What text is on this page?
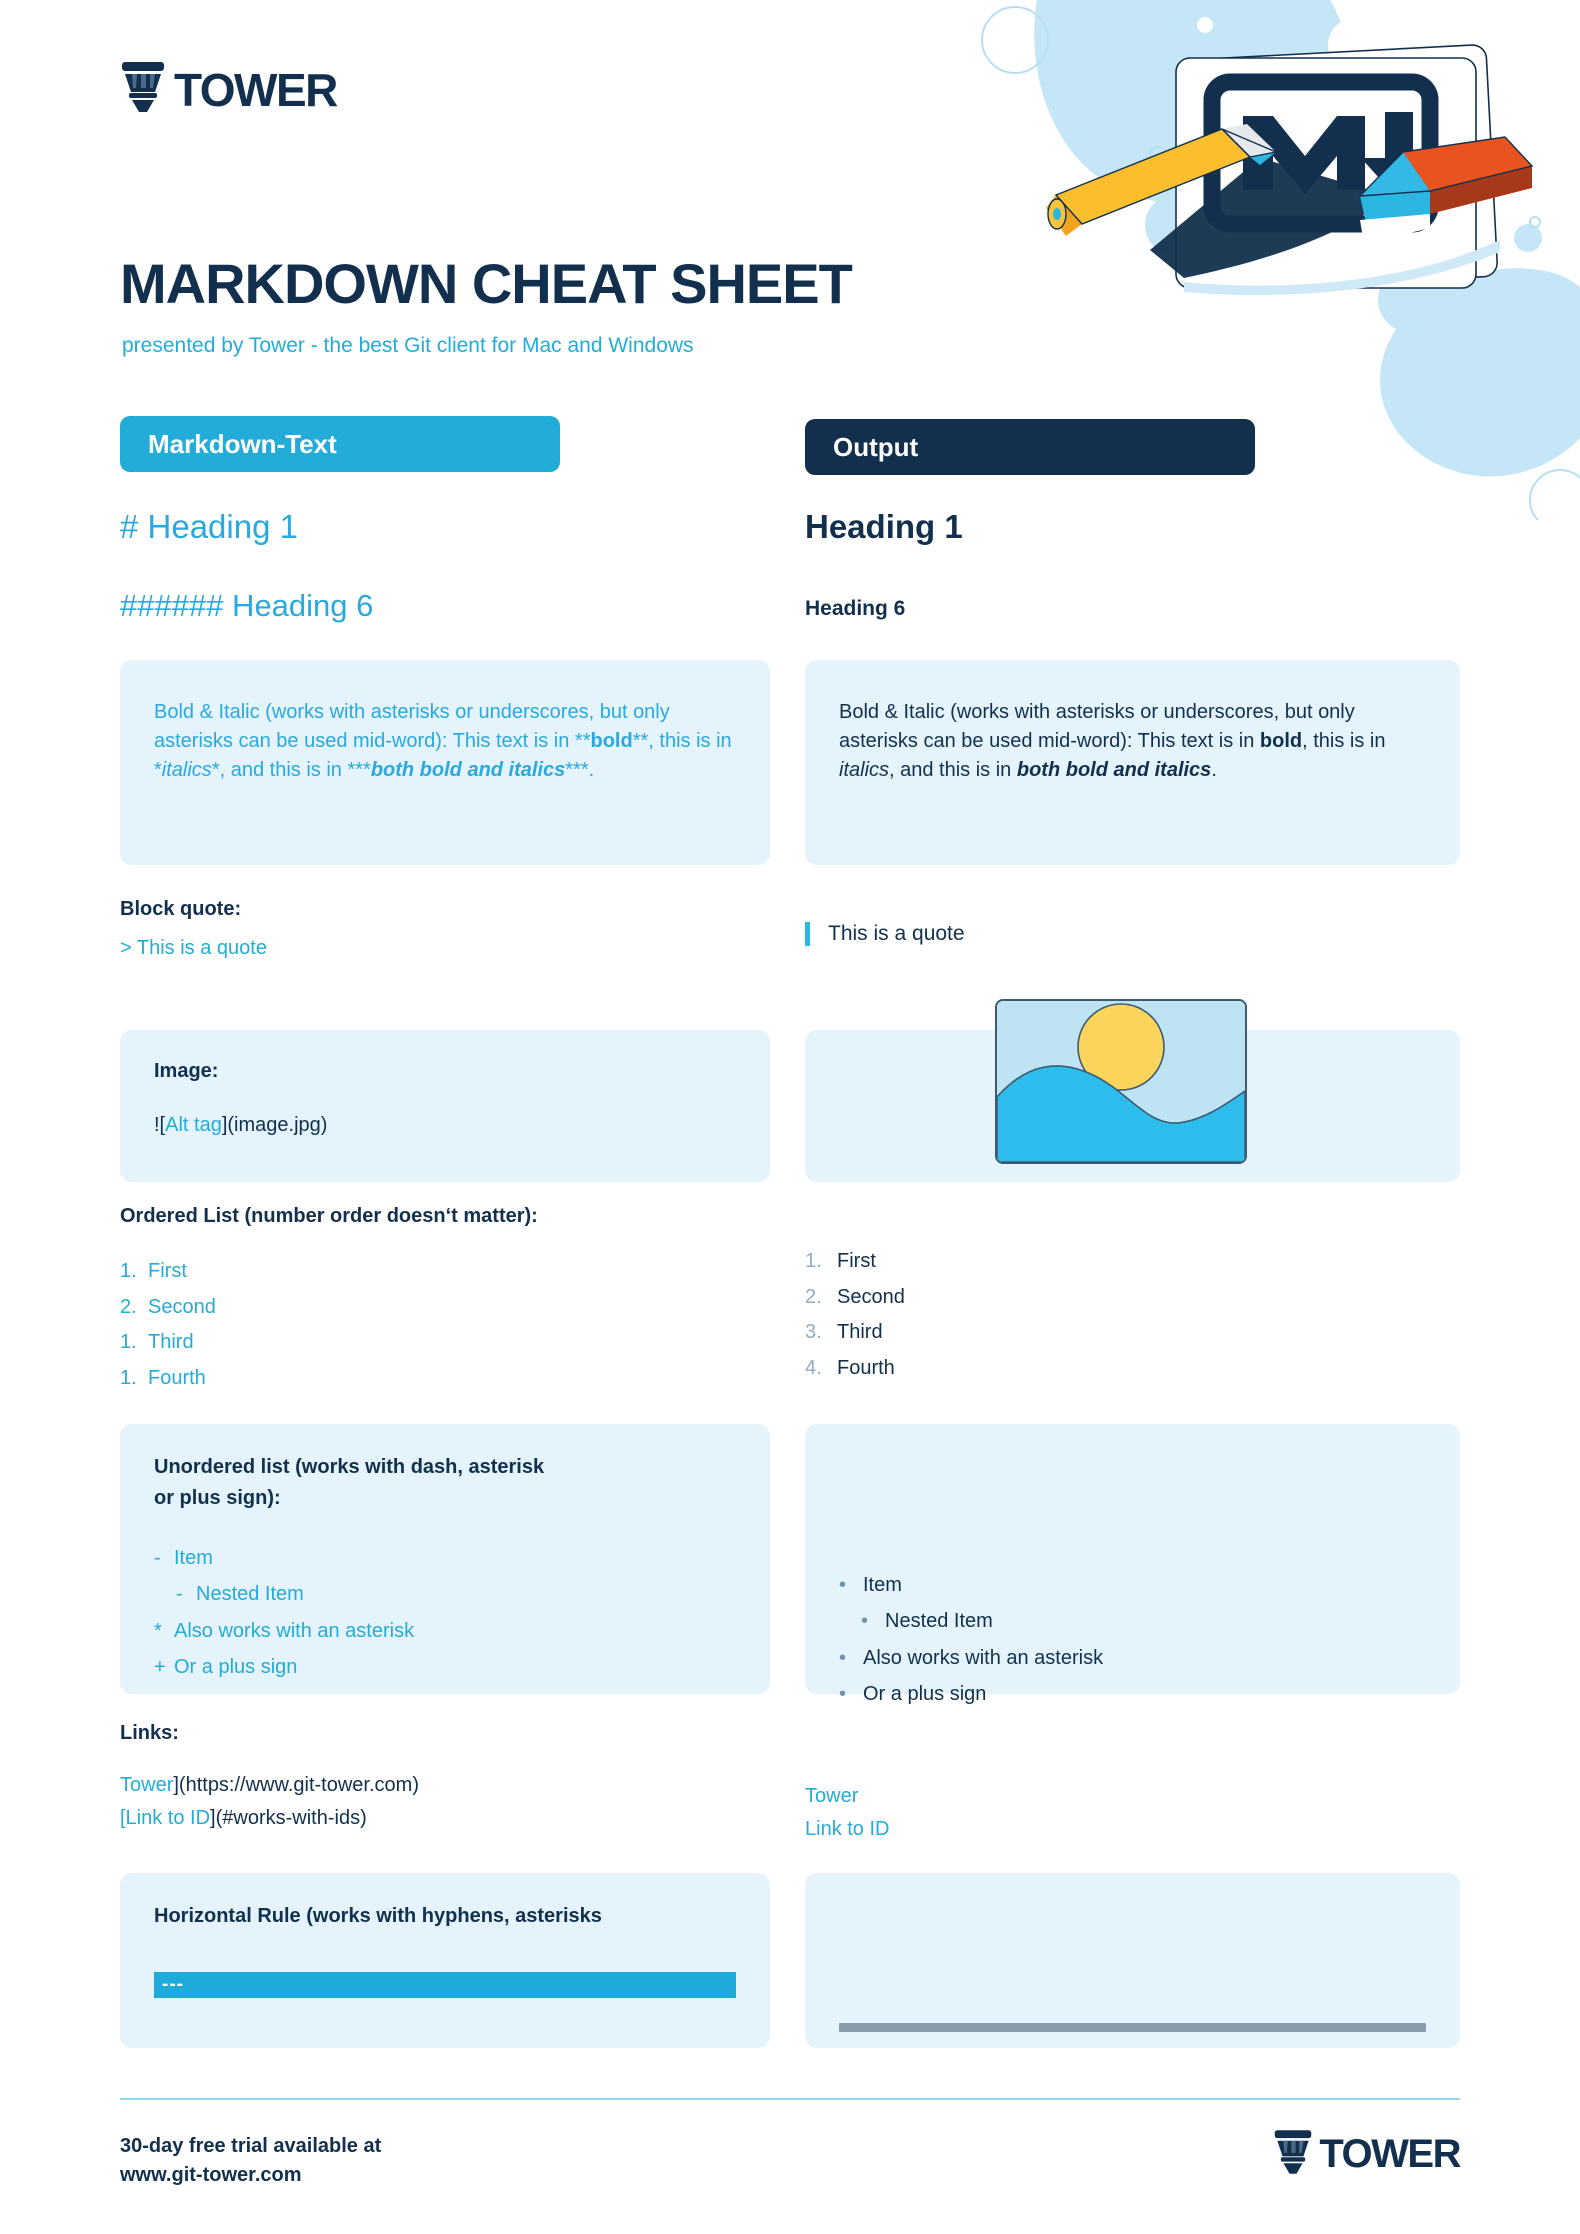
TOWER
MARKDOWN CHEAT SHEET
presented by Tower - the best Git client for Mac and Windows
Markdown-Text	Output
# Heading 1	Heading 1
###### Heading 6	Heading 6

Bold & Italic (works with asterisks or underscores, but only asterisks can be used mid-word): This text is in **bold**, this is in *italics*, and this is in ***both bold and italics***.

Bold & Italic (works with asterisks or underscores, but only asterisks can be used mid-word): This text is in bold, this is in italics, and this is in both bold and italics.

Block quote:
> This is a quote
This is a quote
Image:
![Alt tag](image.jpg)
Ordered List (number order doesn‘t matter):
1. First
2. Second
1. Third
1. Fourth
1. First
2. Second
3. Third
4. Fourth
Unordered list (works with dash, asterisk
or plus sign):
- Item
- Nested Item
* Also works with an asterisk
+ Or a plus sign
• Item
• Nested Item
• Also works with an asterisk
• Or a plus sign
Links:
Tower](https://www.git-tower.com)
[Link to ID](#works-with-ids)
Tower
Link to ID
Horizontal Rule (works with hyphens, asterisks
---
30-day free trial available at
www.git-tower.com	TOWER
